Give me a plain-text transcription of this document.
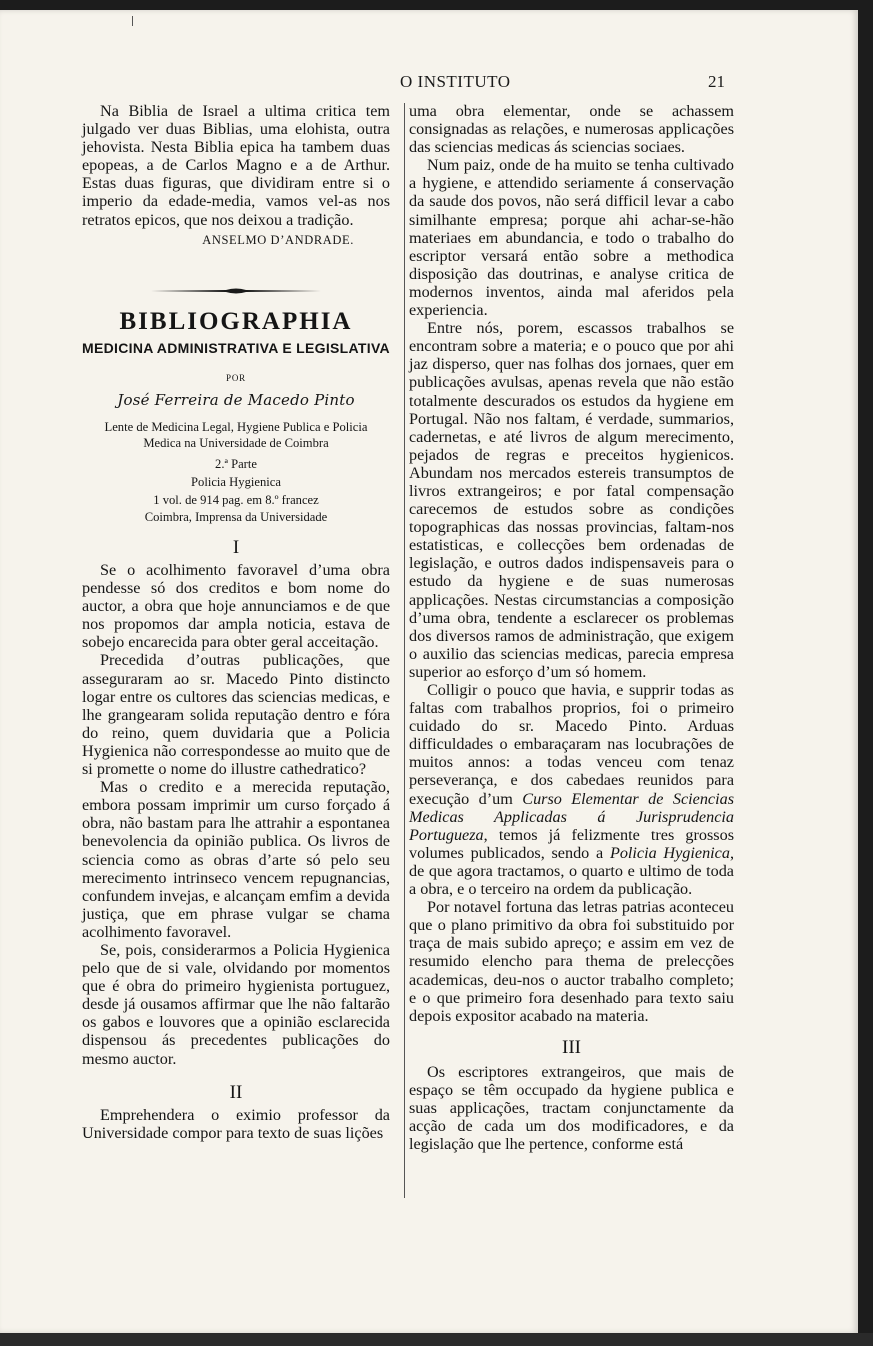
O INSTITUTO	21

Na Biblia de Israel a ultima critica tem julgado ver duas Biblias, uma elohista, outra jehovista. Nesta Biblia epica ha tambem duas epopeas, a de Carlos Magno e a de Arthur. Estas duas figuras, que dividiram entre si o imperio da edade-media, vamos vel-as nos retratos epicos, que nos deixou a tradição.

ANSELMO D’ANDRADE.
BIBLIOGRAPHIA
MEDICINA ADMINISTRATIVA E LEGISLATIVA
POR
José Ferreira de Macedo Pinto
Lente de Medicina Legal, Hygiene Publica e Policia
Medica na Universidade de Coimbra
2.ª Parte
Policia Hygienica
1 vol. de 914 pag. em 8.º francez
Coimbra, Imprensa da Universidade
I

Se o acolhimento favoravel d’uma obra pendesse só dos creditos e bom nome do auctor, a obra que hoje annunciamos e de que nos propomos dar ampla noticia, estava de sobejo encarecida para obter geral acceitação.

Precedida d’outras publicações, que asseguraram ao sr. Macedo Pinto distincto logar entre os cultores das sciencias medicas, e lhe grangearam solida reputação dentro e fóra do reino, quem duvidaria que a Policia Hygienica não correspondesse ao muito que de si promette o nome do illustre cathedratico?

Mas o credito e a merecida reputação, embora possam imprimir um curso forçado á obra, não bastam para lhe attrahir a espontanea benevolencia da opinião publica. Os livros de sciencia como as obras d’arte só pelo seu merecimento intrinseco vencem repugnancias, confundem invejas, e alcançam emfim a devida justiça, que em phrase vulgar se chama acolhimento favoravel.

Se, pois, considerarmos a Policia Hygienica pelo que de si vale, olvidando por momentos que é obra do primeiro hygienista portuguez, desde já ousamos affirmar que lhe não faltarão os gabos e louvores que a opinião esclarecida dispensou ás precedentes publicações do mesmo auctor.

II

Emprehendera o eximio professor da Universidade compor para texto de suas lições

uma obra elementar, onde se achassem consignadas as relações, e numerosas applicações das sciencias medicas ás sciencias sociaes.

Num paiz, onde de ha muito se tenha cultivado a hygiene, e attendido seriamente á conservação da saude dos povos, não será difficil levar a cabo similhante empresa; porque ahi achar-se-hão materiaes em abundancia, e todo o trabalho do escriptor versará então sobre a methodica disposição das doutrinas, e analyse critica de modernos inventos, ainda mal aferidos pela experiencia.

Entre nós, porem, escassos trabalhos se encontram sobre a materia; e o pouco que por ahi jaz disperso, quer nas folhas dos jornaes, quer em publicações avulsas, apenas revela que não estão totalmente descurados os estudos da hygiene em Portugal. Não nos faltam, é verdade, summarios, cadernetas, e até livros de algum merecimento, pejados de regras e preceitos hygienicos. Abundam nos mercados estereis transumptos de livros extrangeiros; e por fatal compensação carecemos de estudos sobre as condições topographicas das nossas provincias, faltam-nos estatisticas, e collecções bem ordenadas de legislação, e outros dados indispensaveis para o estudo da hygiene e de suas numerosas applicações. Nestas circumstancias a composição d’uma obra, tendente a esclarecer os problemas dos diversos ramos de administração, que exigem o auxilio das sciencias medicas, parecia empresa superior ao esforço d’um só homem.

Colligir o pouco que havia, e supprir todas as faltas com trabalhos proprios, foi o primeiro cuidado do sr. Macedo Pinto. Arduas difficuldades o embaraçaram nas locubrações de muitos annos: a todas venceu com tenaz perseverança, e dos cabedaes reunidos para execução d’um Curso Elementar de Sciencias Medicas Applicadas á Jurisprudencia Portugueza, temos já felizmente tres grossos volumes publicados, sendo a Policia Hygienica, de que agora tractamos, o quarto e ultimo de toda a obra, e o terceiro na ordem da publicação.

Por notavel fortuna das letras patrias aconteceu que o plano primitivo da obra foi substituido por traça de mais subido apreço; e assim em vez de resumido elencho para thema de prelecções academicas, deu-nos o auctor trabalho completo; e o que primeiro fora desenhado para texto saiu depois expositor acabado na materia.

III

Os escriptores extrangeiros, que mais de espaço se têm occupado da hygiene publica e suas applicações, tractam conjunctamente da acção de cada um dos modificadores, e da legislação que lhe pertence, conforme está
